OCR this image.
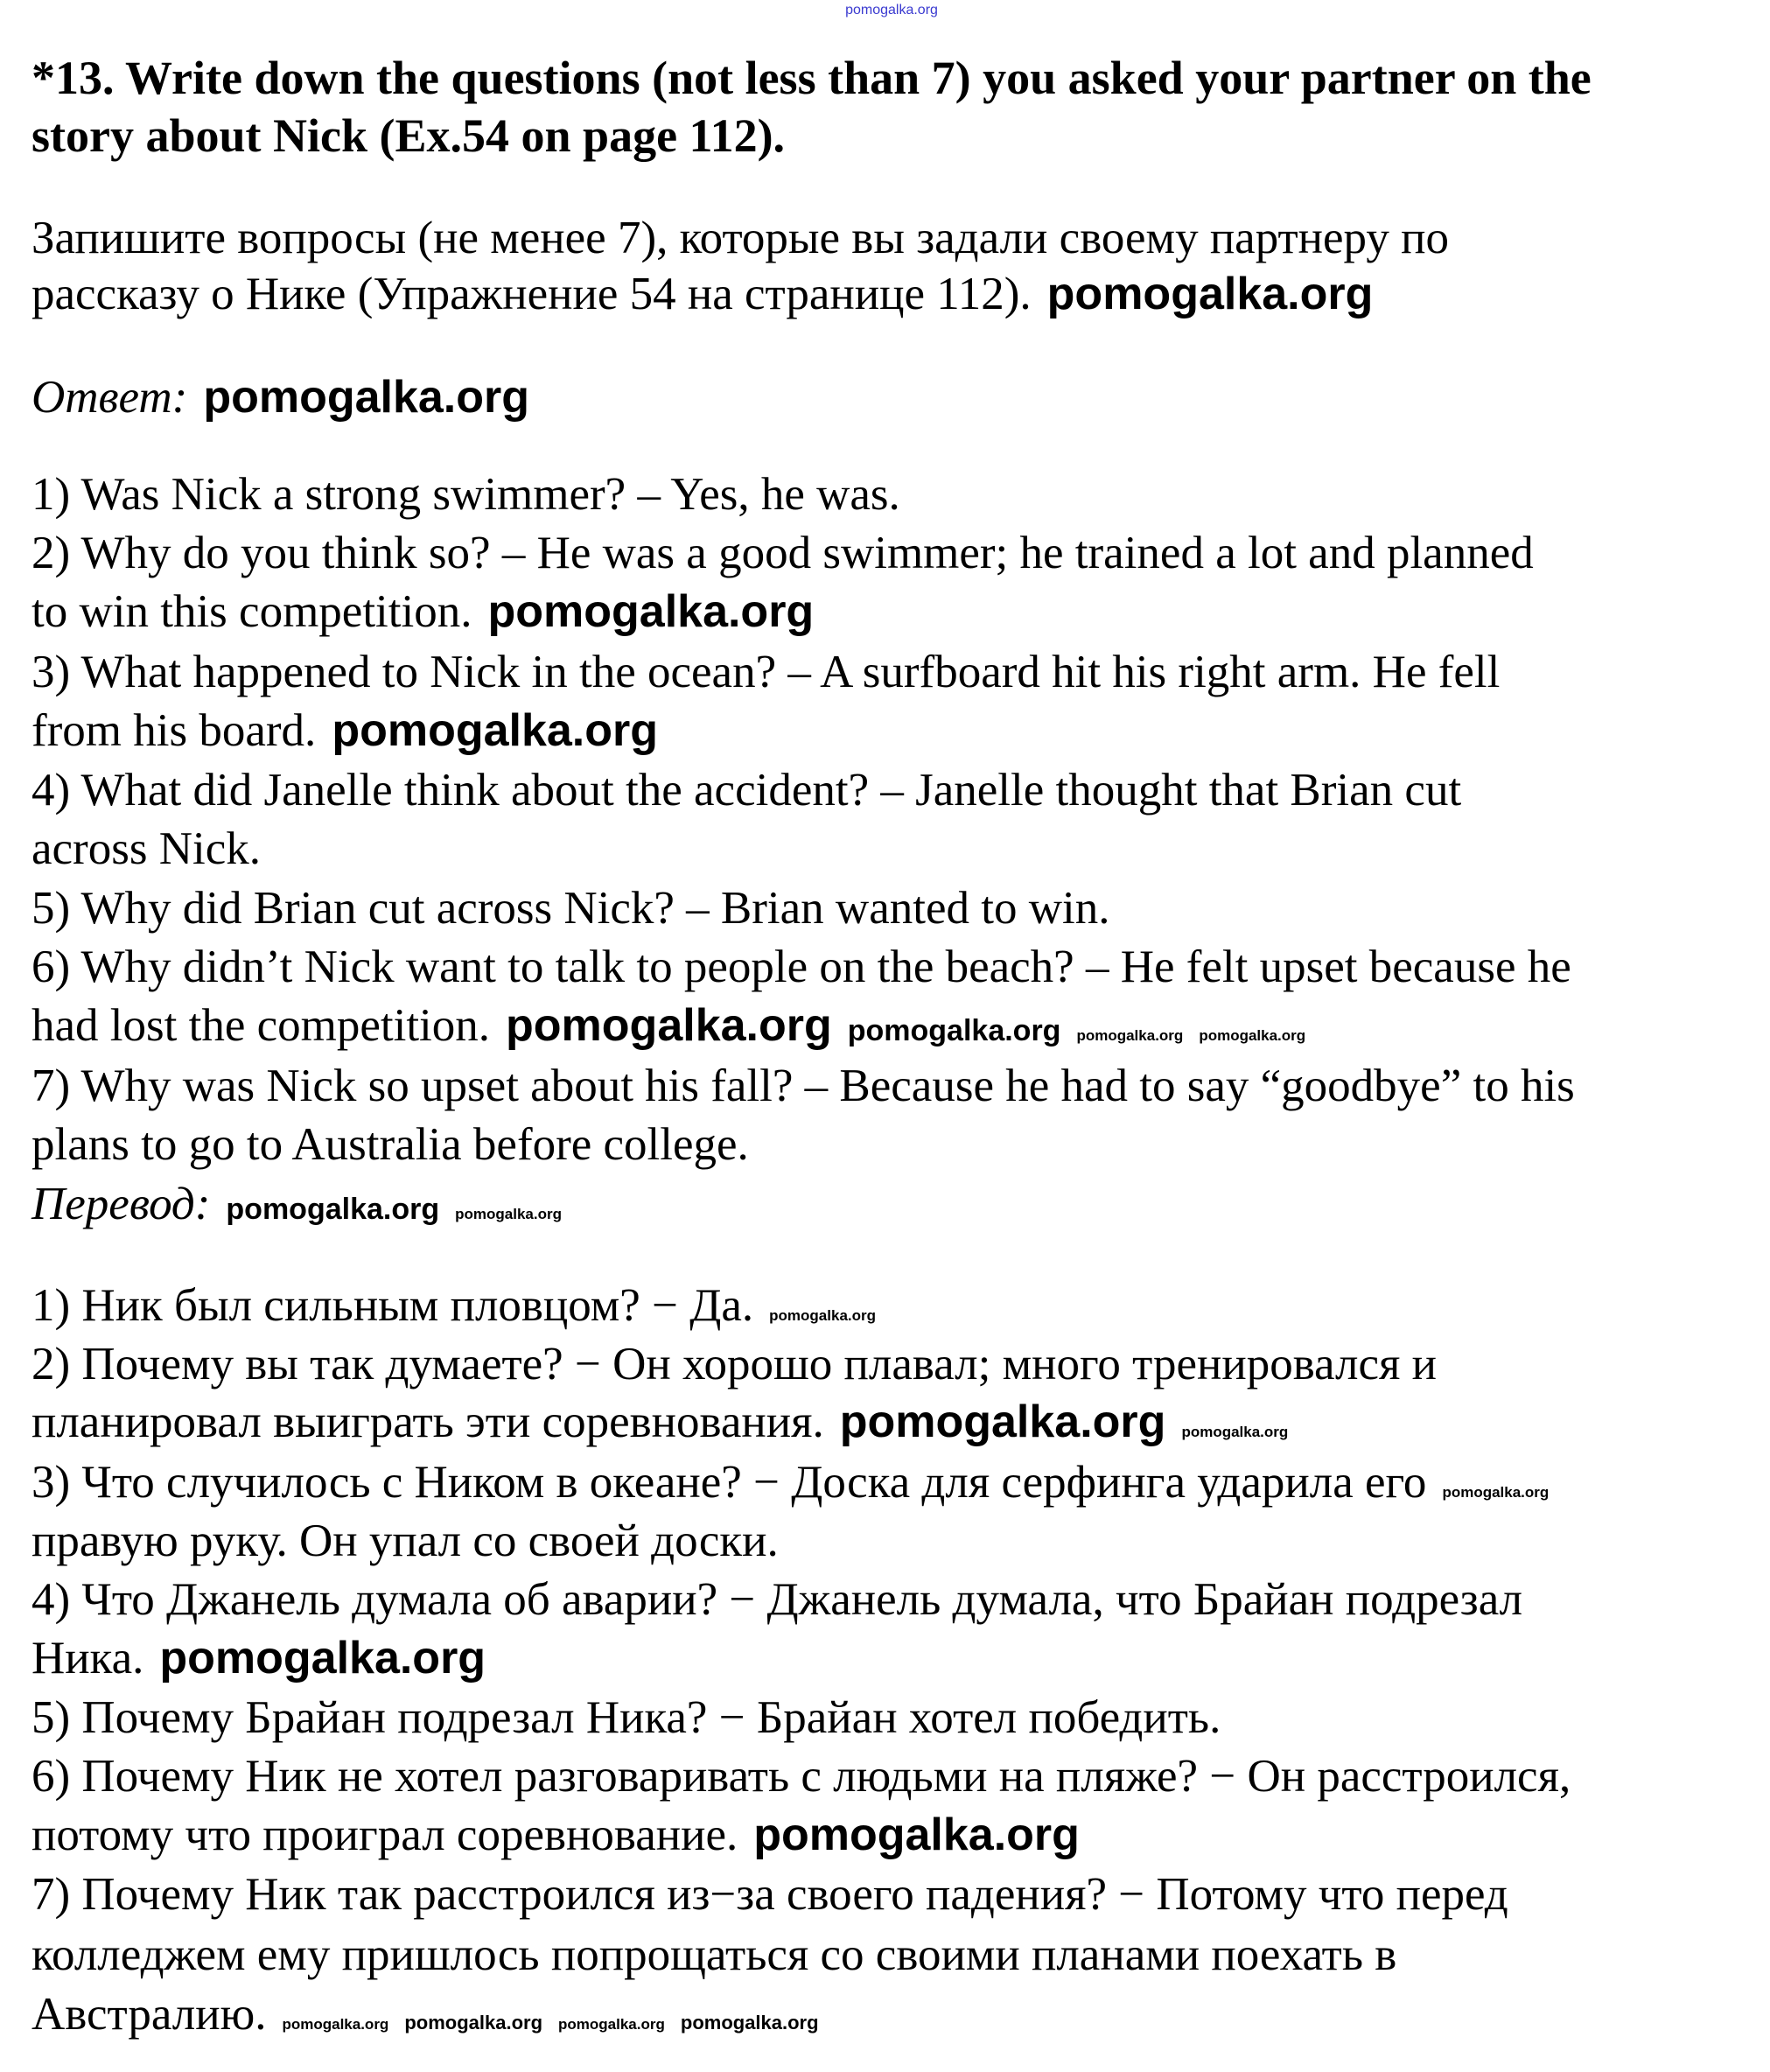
pomogalka.org
*13. Write down the questions (not less than 7) you asked your partner on the
story about Nick (Ex.54 on page 112).
Запишите вопросы (не менее 7), которые вы задали своему партнеру по
рассказу о Нике (Упражнение 54 на странице 112). pomogalka.org
Ответ: pomogalka.org
1) Was Nick a strong swimmer? – Yes, he was.
2) Why do you think so? – He was a good swimmer; he trained a lot and planned
to win this competition. pomogalka.org
3) What happened to Nick in the ocean? – A surfboard hit his right arm. He fell
from his board. pomogalka.org
4) What did Janelle think about the accident? – Janelle thought that Brian cut
across Nick.
5) Why did Brian cut across Nick? – Brian wanted to win.
6) Why didn’t Nick want to talk to people on the beach? – He felt upset because he
had lost the competition. pomogalka.org pomogalka.org pomogalka.org pomogalka.org
7) Why was Nick so upset about his fall? – Because he had to say “goodbye” to his
plans to go to Australia before college.
Перевод: pomogalka.org pomogalka.org
1) Ник был сильным пловцом? − Да. pomogalka.org
2) Почему вы так думаете? − Он хорошо плавал; много тренировался и
планировал выиграть эти соревнования. pomogalka.org pomogalka.org
3) Что случилось с Ником в океане? − Доска для серфинга ударила его pomogalka.org
правую руку. Он упал со своей доски.
4) Что Джанель думала об аварии? − Джанель думала, что Брайан подрезал
Ника. pomogalka.org
5) Почему Брайан подрезал Ника? − Брайан хотел победить.
6) Почему Ник не хотел разговаривать с людьми на пляже? − Он расстроился,
потому что проиграл соревнование. pomogalka.org
7) Почему Ник так расстроился из−за своего падения? − Потому что перед
колледжем ему пришлось попрощаться со своими планами поехать в
Австралию. pomogalka.org pomogalka.org pomogalka.org pomogalka.org
